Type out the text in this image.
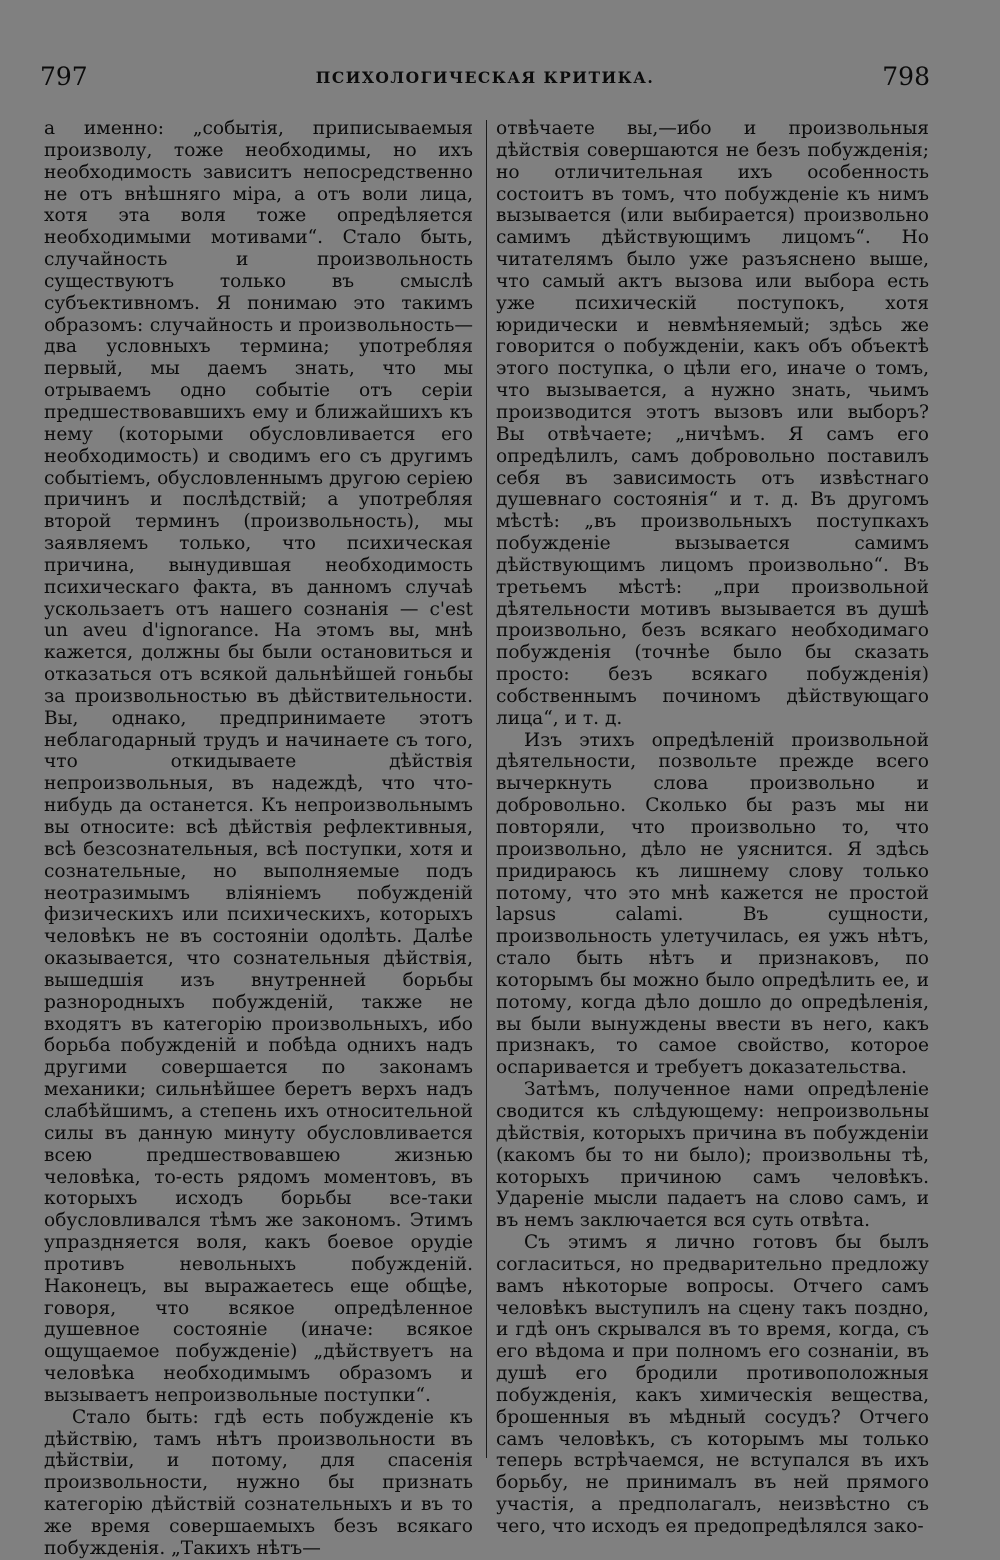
797	ПСИХОЛОГИЧЕСКАЯ КРИТИКА.	798

а именно: „событія, приписываемыя произволу, тоже необходимы, но ихъ необходимость зависитъ непосредственно не отъ внѣшняго міра, а отъ воли лица, хотя эта воля тоже опредѣляется необходимыми мотивами“. Стало быть, случайность и произвольность существуютъ только въ смыслѣ субъективномъ. Я понимаю это такимъ образомъ: случайность и произвольность—два условныхъ термина; употребляя первый, мы даемъ знать, что мы отрываемъ одно событіе отъ серіи предшествовавшихъ ему и ближайшихъ къ нему (которыми обусловливается его необходимость) и сводимъ его съ другимъ событіемъ, обусловленнымъ другою серіею причинъ и послѣдствій; а употребляя второй терминъ (произвольность), мы заявляемъ только, что психическая причина, вынудившая необходимость психическаго факта, въ данномъ случаѣ ускользаетъ отъ нашего сознанія — c'est un aveu d'ignorance. На этомъ вы, мнѣ кажется, должны бы были остановиться и отказаться отъ всякой дальнѣйшей гоньбы за произвольностью въ дѣйствительности. Вы, однако, предпринимаете этотъ неблагодарный трудъ и начинаете съ того, что откидываете дѣйствія непроизвольныя, въ надеждѣ, что что-нибудь да останется. Къ непроизвольнымъ вы относите: всѣ дѣйствія рефлективныя, всѣ безсознательныя, всѣ поступки, хотя и сознательные, но выполняемые подъ неотразимымъ вліяніемъ побужденій физическихъ или психическихъ, которыхъ человѣкъ не въ состояніи одолѣть. Далѣе оказывается, что сознательныя дѣйствія, вышедшія изъ внутренней борьбы разнородныхъ побужденій, также не входятъ въ категорію произвольныхъ, ибо борьба побужденій и побѣда однихъ надъ другими совершается по законамъ механики; сильнѣйшее беретъ верхъ надъ слабѣйшимъ, а степень ихъ относительной силы въ данную минуту обусловливается всею предшествовавшею жизнью человѣка, то-есть рядомъ моментовъ, въ которыхъ исходъ борьбы все-таки обусловливался тѣмъ же закономъ. Этимъ упраздняется воля, какъ боевое орудіе противъ невольныхъ побужденій. Наконецъ, вы выражаетесь еще общѣе, говоря, что всякое опредѣленное душевное состояніе (иначе: всякое ощущаемое побужденіе) „дѣйствуетъ на человѣка необходимымъ образомъ и вызываетъ непроизвольные поступки“.

Стало быть: гдѣ есть побужденіе къ дѣйствію, тамъ нѣтъ произвольности въ дѣйствіи, и потому, для спасенія произвольности, нужно бы признать категорію дѣйствій сознательныхъ и въ то же время совершаемыхъ безъ всякаго побужденія. „Такихъ нѣтъ—

отвѣчаете вы,—ибо и произвольныя дѣйствія совершаются не безъ побужденія; но отличительная ихъ особенность состоитъ въ томъ, что побужденіе къ нимъ вызывается (или выбирается) произвольно самимъ дѣйствующимъ лицомъ“. Но читателямъ было уже разъяснено выше, что самый актъ вызова или выбора есть уже психическій поступокъ, хотя юридически и невмѣняемый; здѣсь же говорится о побужденіи, какъ объ объектѣ этого поступка, о цѣли его, иначе о томъ, что вызывается, а нужно знать, чьимъ производится этотъ вызовъ или выборъ? Вы отвѣчаете; „ничѣмъ. Я самъ его опредѣлилъ, самъ добровольно поставилъ себя въ зависимость отъ извѣстнаго душевнаго состоянія“ и т. д. Въ другомъ мѣстѣ: „въ произвольныхъ поступкахъ побужденіе вызывается самимъ дѣйствующимъ лицомъ произвольно“. Въ третьемъ мѣстѣ: „при произвольной дѣятельности мотивъ вызывается въ душѣ произвольно, безъ всякаго необходимаго побужденія (точнѣе было бы сказать просто: безъ всякаго побужденія) собственнымъ починомъ дѣйствующаго лица“, и т. д.

Изъ этихъ опредѣленій произвольной дѣятельности, позвольте прежде всего вычеркнуть слова произвольно и добровольно. Сколько бы разъ мы ни повторяли, что произвольно то, что произвольно, дѣло не уяснится. Я здѣсь придираюсь къ лишнему слову только потому, что это мнѣ кажется не простой lapsus calami. Въ сущности, произвольность улетучилась, ея ужъ нѣтъ, стало быть нѣтъ и признаковъ, по которымъ бы можно было опредѣлить ее, и потому, когда дѣло дошло до опредѣленія, вы были вынуждены ввести въ него, какъ признакъ, то самое свойство, которое оспаривается и требуетъ доказательства.

Затѣмъ, полученное нами опредѣленіе сводится къ слѣдующему: непроизвольны дѣйствія, которыхъ причина въ побужденіи (какомъ бы то ни было); произвольны тѣ, которыхъ причиною самъ человѣкъ. Удареніе мысли падаетъ на слово самъ, и въ немъ заключается вся суть отвѣта.

Съ этимъ я лично готовъ бы былъ согласиться, но предварительно предложу вамъ нѣкоторые вопросы. Отчего самъ человѣкъ выступилъ на сцену такъ поздно, и гдѣ онъ скрывался въ то время, когда, съ его вѣдома и при полномъ его сознаніи, въ душѣ его бродили противоположныя побужденія, какъ химическія вещества, брошенныя въ мѣдный сосудъ? Отчего самъ человѣкъ, съ которымъ мы только теперь встрѣчаемся, не вступался въ ихъ борьбу, не принималъ въ ней прямого участія, а предполагалъ, неизвѣстно съ чего, что исходъ ея предопредѣлялся зако-
